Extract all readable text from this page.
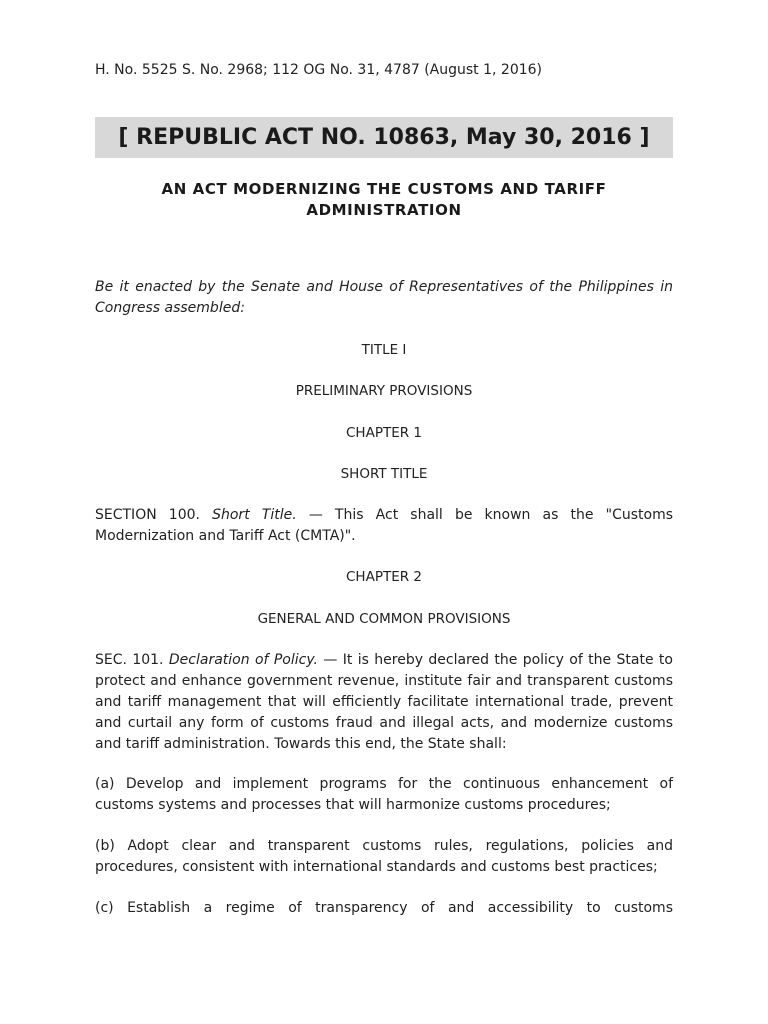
H. No. 5525 S. No. 2968; 112 OG No. 31, 4787 (August 1, 2016)
[ REPUBLIC ACT NO. 10863, May 30, 2016 ]
AN ACT MODERNIZING THE CUSTOMS AND TARIFF ADMINISTRATION
Be it enacted by the Senate and House of Representatives of the Philippines in Congress assembled:
TITLE I
PRELIMINARY PROVISIONS
CHAPTER 1
SHORT TITLE
SECTION 100. Short Title. — This Act shall be known as the "Customs Modernization and Tariff Act (CMTA)".
CHAPTER 2
GENERAL AND COMMON PROVISIONS
SEC. 101. Declaration of Policy. — It is hereby declared the policy of the State to protect and enhance government revenue, institute fair and transparent customs and tariff management that will efficiently facilitate international trade, prevent and curtail any form of customs fraud and illegal acts, and modernize customs and tariff administration. Towards this end, the State shall:
(a) Develop and implement programs for the continuous enhancement of customs systems and processes that will harmonize customs procedures;
(b) Adopt clear and transparent customs rules, regulations, policies and procedures, consistent with international standards and customs best practices;
(c) Establish a regime of transparency of and accessibility to customs
